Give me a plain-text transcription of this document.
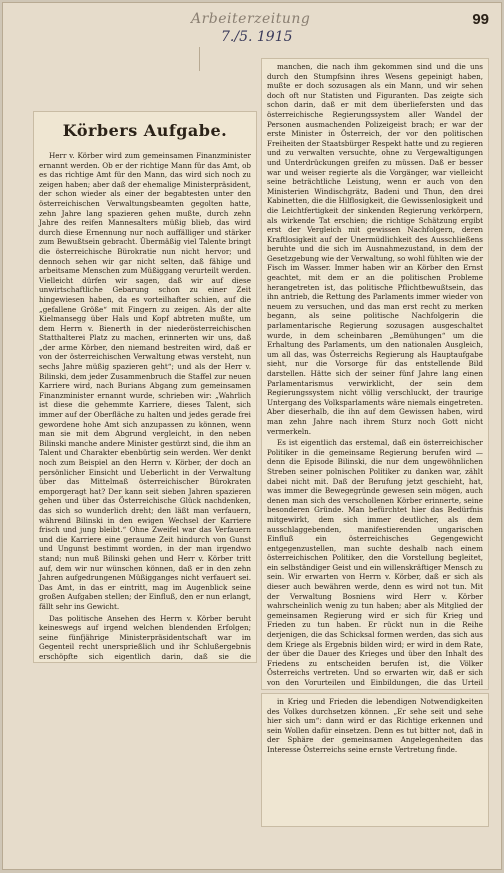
Arbeiterzeitung	99
7./5. 1915
Körbers Aufgabe.

Herr v. Körber wird zum gemeinsamen Finanzminister ernannt werden. Ob er der richtige Mann für das Amt, ob es das richtige Amt für den Mann, das wird sich noch zu zeigen haben; aber daß der ehemalige Ministerpräsident, der schon wieder als einer der begabtesten unter den österreichischen Verwaltungsbeamten gegolten hatte, zehn Jahre lang spazieren gehen mußte, durch zehn Jahre des reifen Mannesalters müßig blieb, das wird durch diese Ernennung nur noch auffälliger und stärker zum Bewußtsein gebracht. Übermäßig viel Talente bringt die österreichische Bürokratie nun nicht hervor; und dennoch sehen wir gar nicht selten, daß fähige und arbeitsame Menschen zum Müßiggang verurteilt werden. Vielleicht dürfen wir sagen, daß wir auf diese unwirtschaftliche Gebarung schon zu einer Zeit hingewiesen haben, da es vorteilhafter schien, auf die „gefallene Größe“ mit Fingern zu zeigen. Als der alte Kielmansegg über Hals und Kopf abtreten mußte, um dem Herrn v. Bienerth in der niederösterreichischen Statthalterei Platz zu machen, erinnerten wir uns, daß „der arme Körber, den niemand bestreiten wird, daß er von der österreichischen Verwaltung etwas versteht, nun sechs Jahre müßig spazieren geht“; und als der Herr v. Bilinski, dem jeder Zusammenbruch die Staffel zur neuen Karriere wird, nach Burians Abgang zum gemeinsamen Finanzminister ernannt wurde, schrieben wir: „Wahrlich ist diese die gehemmte Karriere, dieses Talent, sich immer auf der Oberfläche zu halten und jedes gerade frei gewordene hohe Amt sich anzupassen zu können, wenn man sie mit dem Abgrund vergleicht, in den neben Bilinski manche andere Minister gestürzt sind, die ihm an Talent und Charakter ebenbürtig sein werden. Wer denkt noch zum Beispiel an den Herrn v. Körber, der doch an persönlicher Einsicht und Ueberlicht in der Verwaltung über das Mittelmaß österreichischer Bürokraten emporgeragt hat? Der kann seit sieben Jahren spazieren gehen und über das Österreichische Glück nachdenken, das sich so wunderlich dreht; den läßt man verfauern, während Bilinski in den ewigen Wechsel der Karriere frisch und jung bleibt.“ Ohne Zweifel war das Verfauern und die Karriere eine geraume Zeit hindurch von Gunst und Ungunst bestimmt worden, in der man irgendwo stand; nun muß Bilinski gehen und Herr v. Körber tritt auf, dem wir nur wünschen können, daß er in den zehn Jahren aufgedrungenen Müßigganges nicht verfauert sei. Das Amt, in das er eintritt, mag im Augenblick seine großen Aufgaben stellen; der Einfluß, den er nun erlangt, fällt sehr ins Gewicht.

Das politische Ansehen des Herrn v. Körber beruht keineswegs auf irgend welchen blendenden Erfolgen; seine fünfjährige Ministerpräsidentschaft war im Gegenteil recht unersprießlich und ihr Schlußergebnis erschöpfte sich eigentlich darin, daß sie die

manchen, die nach ihm gekommen sind und die uns durch den Stumpfsinn ihres Wesens gepeinigt haben, mußte er doch sozusagen als ein Mann, und wir sehen doch oft nur Statisten und Figuranten. Das zeigte sich schon darin, daß er mit dem überliefersten und das österreichische Regierungssystem aller Wandel der Personen ausmachenden Polizeigeist brach; er war der erste Minister in Österreich, der vor den politischen Freiheiten der Staatsbürger Respekt hatte und zu regieren und zu verwalten versuchte, ohne zu Vergewaltigungen und Unterdrückungen greifen zu müssen. Daß er besser war und weiser regierte als die Vorgänger, war vielleicht seine beträchtliche Leistung, wenn er auch von den Ministerien Windischgrätz, Badeni und Thun, den drei Kabinetten, die die Hilflosigkeit, die Gewissenlosigkeit und die Leichtfertigkeit der sinkenden Regierung verkörpern, als wirkende Tat erschien; die richtige Schätzung ergibt erst der Vergleich mit gewissen Nachfolgern, deren Kraftlosigkeit auf der Unermüdlichkeit des Ausschließens beruhte und die sich im Ausnahmezustand, in dem der Gesetzgebung wie der Verwaltung, so wohl fühlten wie der Fisch im Wasser. Immer haben wir an Körber den Ernst geachtet, mit dem er an die politischen Probleme herangetreten ist, das politische Pflichtbewußtsein, das ihn antrieb, die Rettung des Parlaments immer wieder von neuem zu versuchen, und das man erst recht zu merken begann, als seine politische Nachfolgerin die parlamentarische Regierung sozusagen ausgeschaltet wurde, in dem scheinbaren „Bemühungen“ um die Erhaltung des Parlaments, um den nationalen Ausgleich, um all das, was Österreichs Regierung als Hauptaufgabe sieht, nur die Vorsorge für das entstellende Bild darstellen. Hätte sich der seiner fünf Jahre lang einen Parlamentarismus verwirklicht, der sein dem Regierungssystem nicht völlig verschluckt, der traurige Untergang des Volksparlaments wäre niemals eingetreten. Aber dieserhalb, die ihn auf dem Gewissen haben, wird man zehn Jahre nach ihrem Sturz noch Gott nicht vermerkeln.

Es ist eigentlich das erstemal, daß ein österreichischer Politiker in die gemeinsame Regierung berufen wird — denn die Episode Bilinski, die nur dem ungewöhnlichen Streben seiner polnischen Politiker zu danken war, zählt dabei nicht mit. Daß der Berufung jetzt geschieht, hat, was immer die Bewegegründe gewesen sein mögen, auch denen man sich des verschollenen Körber erinnerte, seine besonderen Gründe. Man befürchtet hier das Bedürfnis mitgewirkt, dem sich immer deutlicher, als dem ausschlaggebenden, manifestierenden ungarischen Einfluß ein österreichisches Gegengewicht entgegenzustellen, man suchte deshalb nach einem österreichischen Politiker, den die Vorstellung begleitet, ein selbständiger Geist und ein willenskräftiger Mensch zu sein. Wir erwarten von Herrn v. Körber, daß er sich als dieser auch bewähren werde, denn es wird not tun. Mit der Verwaltung Bosniens wird Herr v. Körber wahrscheinlich wenig zu tun haben; aber als Mitglied der gemeinsamen Regierung wird er sich für Krieg und Frieden zu tun haben. Er rückt nun in die Reihe derjenigen, die das Schicksal formen werden, das sich aus dem Kriege als Ergebnis bilden wird; er wird in dem Rate, der über die Dauer des Krieges und über den Inhalt des Friedens zu entscheiden berufen ist, die Völker Österreichs vertreten. Und so erwarten wir, daß er sich von den Vorurteilen und Einbildungen, die das Urteil

in Krieg und Frieden die lebendigen Notwendigkeiten des Volkes durchsetzen können. „Er sehe seit und sehe hier sich um“: dann wird er das Richtige erkennen und sein Wollen dafür einsetzen. Denn es tut bitter not, daß in der Sphäre der gemeinsamen Angelegenheiten das Interesse Österreichs seine ernste Vertretung finde.
